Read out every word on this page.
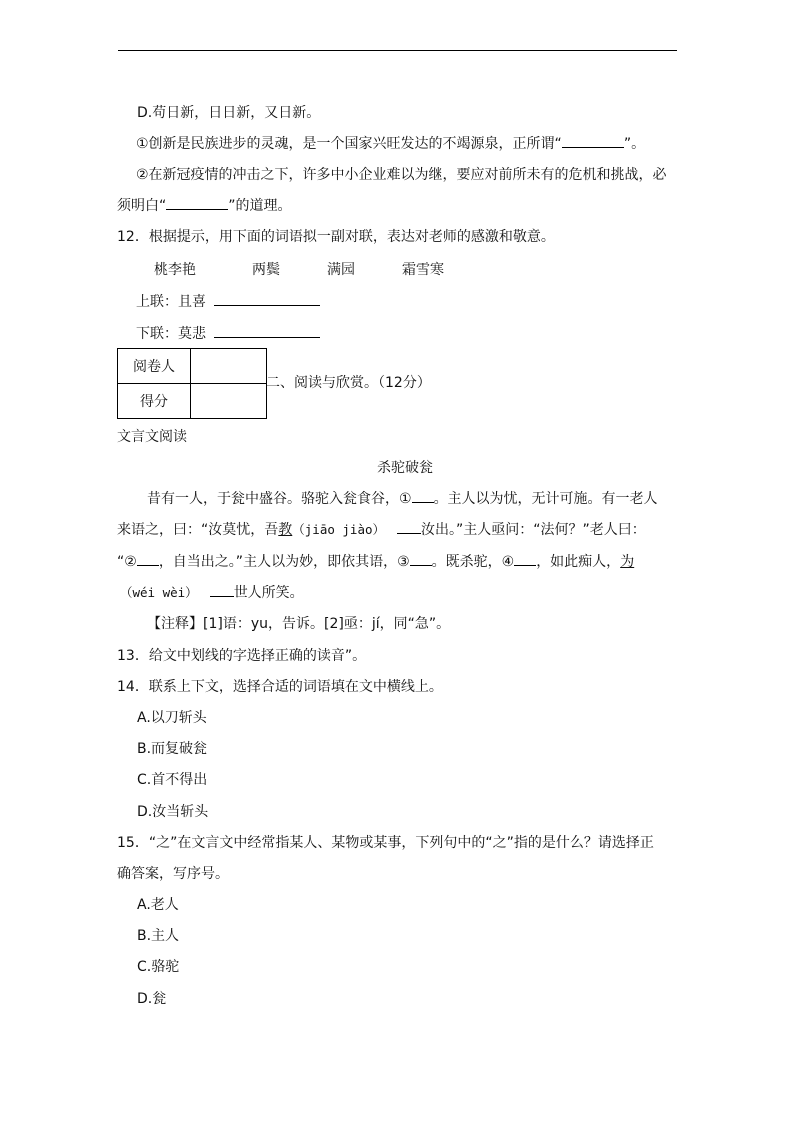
D.苟日新，日日新，又日新。
①创新是民族进步的灵魂，是一个国家兴旺发达的不竭源泉，正所谓“	”。
②在新冠疫情的冲击之下，许多中小企业难以为继，要应对前所未有的危机和挑战，必
须明白“	”的道理。
12．根据提示，用下面的词语拟一副对联，表达对老师的感激和敬意。
桃李艳	两鬓	满园	霜雪寒
上联：且喜
下联：莫悲
阅卷人	
得分	
二、阅读与欣赏。（12分）
文言文阅读
杀驼破瓮
昔有一人，于瓮中盛谷。骆驼入瓮食谷，① 。主人以为忧，无计可施。有一老人
来语之，曰：“汝莫忧，吾教（jiāo jiào）	汝出。”主人亟问：“法何？”老人曰：
“② ，自当出之。”主人以为妙，即依其语，③ 。既杀驼，④ ，如此痴人，为
（wéi wèi）	世人所笑。
【注释】[1]语：yu，告诉。[2]亟：jí，同“急”。
13．给文中划线的字选择正确的读音”。
14．联系上下文，选择合适的词语填在文中横线上。
A.以刀斩头
B.而复破瓮
C.首不得出
D.汝当斩头
15．“之”在文言文中经常指某人、某物或某事，下列句中的“之”指的是什么？请选择正
确答案，写序号。
A.老人
B.主人
C.骆驼
D.瓮
